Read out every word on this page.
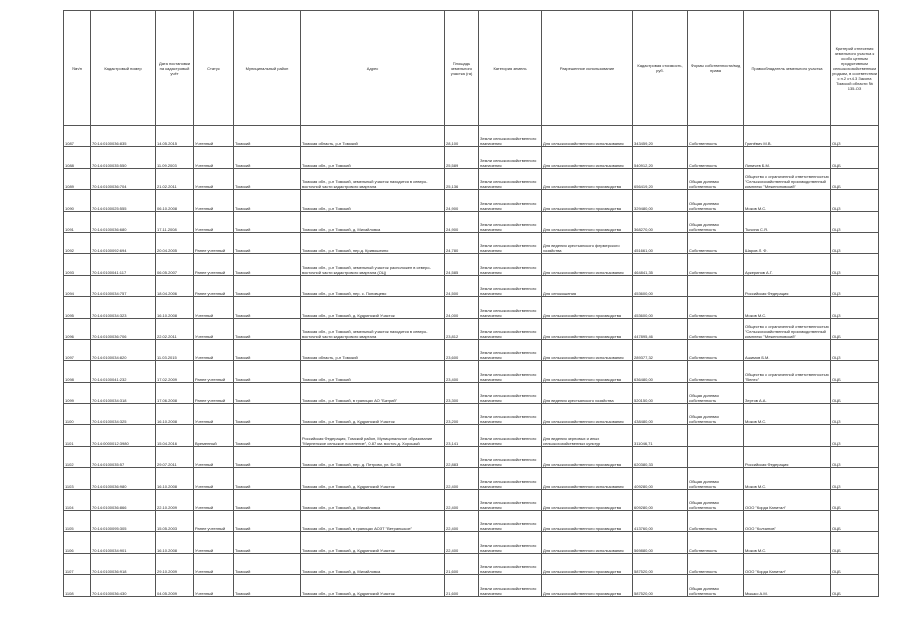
№п/п	Кадастровый номер	Дата постановки на кадастровый учёт	Статус	Муниципальный район	Адрес	Площадь земельного участка (га)	Категория земель	Разрешенное использование	Кадастровая стоимость, руб.	Формы собственности/вид права	Правообладатель земельного участка	Критерий отнесения земельного участка к особо ценным продуктивным сельскохозяйственным угодьям, в соответствии с п.2 ст.4.3 Закона Томской области № 135-ОЗ
1087	70:14:0100036:835	14.05.2015	Учтенный	Томский	Томская область, р-н Томский	28,100	Земли сельскохозяйственного назначения	Для сельскохозяйственного использования	343459,20	Собственность	Гринёвич М.В.	ОЦЗ
1088	70:14:0100035:550	11.09.2003	Учтенный	Томский	Томская обл., р-н Томский	25,589	Земли сельскохозяйственного назначения	Для сельскохозяйственного использования	540912,20	Собственность	Липичев Б.М.	ОЦБ
1089	70:14:0100036:704	21.02.2011	Учтенный	Томский	Томская обл., р-н Томский, земельный участок находится в северо-восточной части кадастрового квартала	25,136	Земли сельскохозяйственного назначения	Для сельскохозяйственного производства	656419,20	Общая долевая собственность	Общество с ограниченной ответственностью "Сельскохозяйственный производственный комплекс "Межениновский"	ОЦБ
1090	70:14:0100025:555	06.10.2008	Учтенный	Томский	Томская обл., р-н Томский	24,900	Земли сельскохозяйственного назначения	Для сельскохозяйственного производства	329480,00	Общая долевая собственность	Моков М.С.	ОЦЗ
1091	70:14:0100036:680	17.11.2008	Учтенный	Томский	Томская обл., р-н Томский, д. Михайловка	24,900	Земли сельскохозяйственного назначения	Для сельскохозяйственного производства	368270,00	Общая долевая собственность	Тычина С.Я.	ОЦЗ
1092	70:14:0100092:694	20.04.2005	Ранее учтенный	Томский	Томская обл., р-н Томский, пер.д. Кривошеино	24,780	Земли сельскохозяйственного назначения	Для ведения крестьянского фермерского хозяйства	451661,00	Собственность	Шаров Л. Ф.	ОЦЗ
1093	70:14:0100041:117	06.05.2007	Ранее учтенный	Томский	Томская обл., р-н Томский, земельный участок расположен в северо-восточной части кадастрового квартала (ОЦ)	24,585	Земли сельскохозяйственного назначения	Для сельскохозяйственного использования	464841,35	Собственность	Аркеринов А.Г.	ОЦЗ
1094	70:14:0100034:757	18.04.2006	Ранее учтенный	Томский	Томская обл., р-н Томский, пер. с. Поповцево	24,500	Земли сельскохозяйственного назначения	Для сенокошения	453600,00		Российская Федерация	ОЦЗ
1095	70:14:0100034:323	16.10.2008	Учтенный	Томский	Томская обл., р-н Томский, д. Кудринский Участок	24,000	Земли сельскохозяйственного назначения	Для сельскохозяйственного производства	453600,00	Собственность	Моков М.С.	ОЦЗ
1096	70:14:0100036:706	22.02.2011	Учтенный	Томский	Томская обл., р-н Томский, земельный участок находится в северо-восточной части кадастрового квартала	23,812	Земли сельскохозяйственного назначения	Для сельскохозяйственного производства	447895,46	Собственность	Общество с ограниченной ответственностью "Сельскохозяйственный производственный комплекс "Межениновский"	ОЦБ
1097	70:14:0100034:820	11.03.2015	Учтенный	Томский	Томская область, р-н Томский	23,600	Земли сельскохозяйственного назначения	Для сельскохозяйственного использования	289377,32	Собственность	Ашимов Б.М.	ОЦЗ
1098	70:14:0100041:232	17.02.2009	Ранее учтенный	Томский	Томская обл., р-н Томский	23,400	Земли сельскохозяйственного назначения	Для сельскохозяйственного производства	636480,00	Собственность	Общество с ограниченной ответственностью "Велес"	ОЦБ
1099	70:14:0100034:318	17.06.2008	Ранее учтенный	Томский	Томская обл., р-н Томский, в границах АО "Батрий"	23,300	Земли сельскохозяйственного назначения	Для ведения крестьянского хозяйства	520150,00	Общая долевая собственность	Зертов А.А.	ОЦБ
1100	70:14:0100034:325	16.10.2008	Учтенный	Томский	Томская обл., р-н Томский, д. Кудринский Участок	23,200	Земли сельскохозяйственного назначения	Для сельскохозяйственного использования	438480,00	Общая долевая собственность	Моков М.С.	ОЦЗ
1101	70:14:0000012:3980	15.04.2016	Временный	Томский	Российская Федерация, Томский район, Муниципальное образование "Мирненское сельское поселение", 0.87 км. восточ.д. Хорошый	23,141	Земли сельскохозяйственного назначения	Для ведения зерновых и иных сельскохозяйственных культур	311046,71			ОЦЗ
1102	70:14:0100035:57	29.07.2011	Учтенный	Томский	Томская обл., р-н Томский, пер. д. Петрово, ул. Бл 35	22,883	Земли сельскохозяйственного назначения	Для сельскохозяйственного производства	620380,33		Российская Федерация	ОЦЗ
1103	70:14:0100036:980	16.10.2008	Учтенный	Томский	Томская обл., р-н Томский, д. Кудринский Участок	22,400	Земли сельскохозяйственного назначения	Для сельскохозяйственного использования	409280,00	Общая долевая собственность	Моков М.С.	ОЦЗ
1104	70:14:0100036:866	22.10.2009	Учтенный	Томский	Томская обл., р-н Томский, д. Михайловка	22,400	Земли сельскохозяйственного назначения	Для сельскохозяйственного производства	609280,00	Общая долевая собственность	ООО "Корда Капитал"	ОЦБ
1105	70:14:0100095:305	15.05.2003	Ранее учтенный	Томский	Томская обл., р-н Томский, в границах АОЗТ "Ветраньское"	22,400	Земли сельскохозяйственного назначения	Для сельскохозяйственного производства	413760,00	Собственность	ООО "Колчинов"	ОЦБ
1106	70:14:0100034:901	16.10.2008	Учтенный	Томский	Томская обл., р-н Томский, д. Кудринский Участок	22,400	Земли сельскохозяйственного назначения	Для сельскохозяйственного использования	569880,00	Собственность	Моков М.С.	ОЦБ
1107	70:14:0100036:918	29.10.2009	Учтенный	Томский	Томская обл., р-н Томский, д. Михайловка	21,600	Земли сельскохозяйственного назначения	Для сельскохозяйственного производства	587520,00	Собственность	ООО "Корда Капитал"	ОЦБ
1108	70:14:0100036:430	04.05.2009	Учтенный	Томский	Томская обл., р-н Томский, д. Кудринский Участок	21,600	Земли сельскохозяйственного назначения	Для сельскохозяйственного производства	587520,00	Общая долевая собственность	Мышко А.М.	ОЦБ
